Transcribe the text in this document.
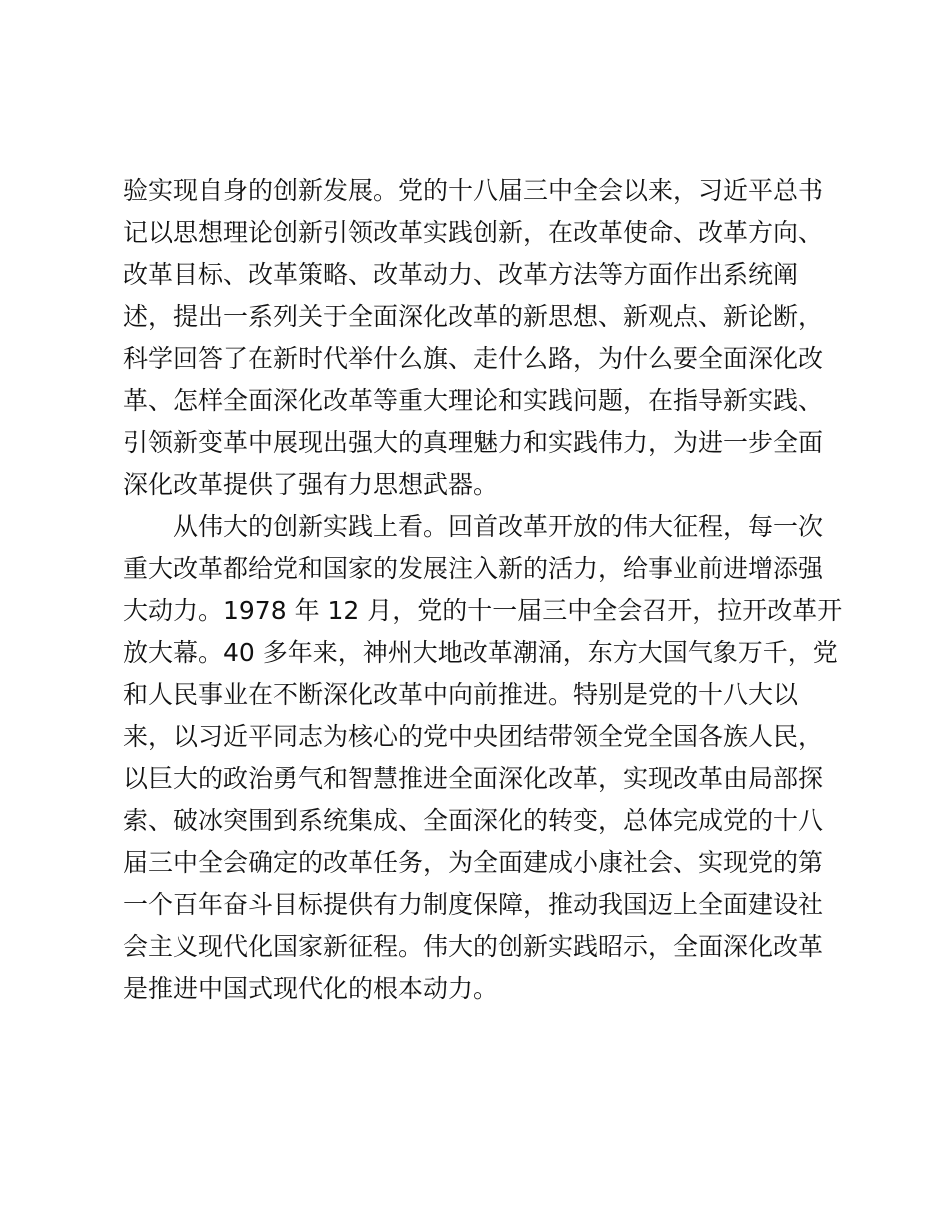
验实现自身的创新发展。党的十八届三中全会以来，习近平总书
记以思想理论创新引领改革实践创新，在改革使命、改革方向、
改革目标、改革策略、改革动力、改革方法等方面作出系统阐
述，提出一系列关于全面深化改革的新思想、新观点、新论断，
科学回答了在新时代举什么旗、走什么路，为什么要全面深化改
革、怎样全面深化改革等重大理论和实践问题，在指导新实践、
引领新变革中展现出强大的真理魅力和实践伟力，为进一步全面
深化改革提供了强有力思想武器。
从伟大的创新实践上看。回首改革开放的伟大征程，每一次
重大改革都给党和国家的发展注入新的活力，给事业前进增添强
大动力。1978 年 12 月，党的十一届三中全会召开，拉开改革开
放大幕。40 多年来，神州大地改革潮涌，东方大国气象万千，党
和人民事业在不断深化改革中向前推进。特别是党的十八大以
来，以习近平同志为核心的党中央团结带领全党全国各族人民，
以巨大的政治勇气和智慧推进全面深化改革，实现改革由局部探
索、破冰突围到系统集成、全面深化的转变，总体完成党的十八
届三中全会确定的改革任务，为全面建成小康社会、实现党的第
一个百年奋斗目标提供有力制度保障，推动我国迈上全面建设社
会主义现代化国家新征程。伟大的创新实践昭示，全面深化改革
是推进中国式现代化的根本动力。
